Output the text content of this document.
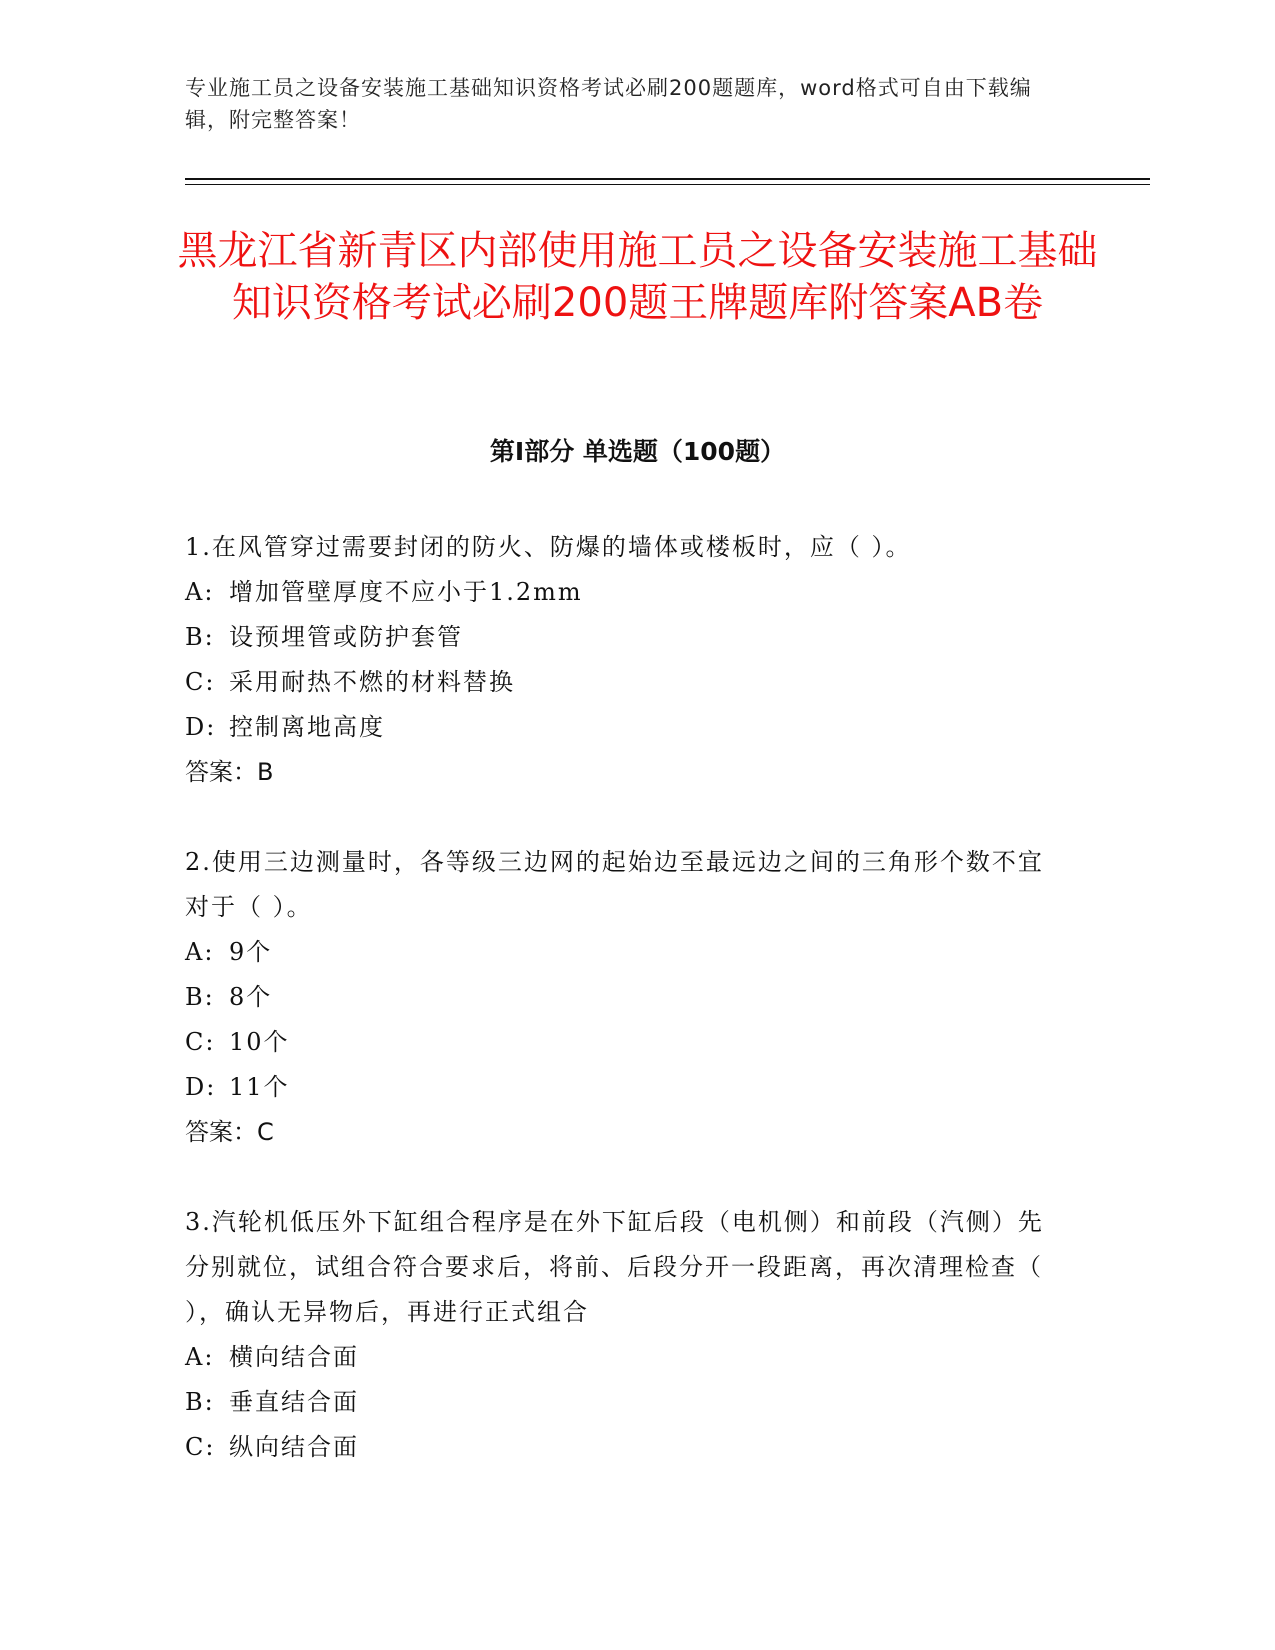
专业施工员之设备安装施工基础知识资格考试必刷200题题库，word格式可自由下载编辑，附完整答案！
黑龙江省新青区内部使用施工员之设备安装施工基础知识资格考试必刷200题王牌题库附答案AB卷
第Ⅰ部分 单选题（100题）

1.在风管穿过需要封闭的防火、防爆的墙体或楼板时，应（ ）。

A: 增加管壁厚度不应小于1.2mm

B: 设预埋管或防护套管

C: 采用耐热不燃的材料替换

D: 控制离地高度

答案：B

2.使用三边测量时，各等级三边网的起始边至最远边之间的三角形个数不宜对于（ ）。

A: 9个

B: 8个

C: 10个

D: 11个

答案：C

3.汽轮机低压外下缸组合程序是在外下缸后段（电机侧）和前段（汽侧）先分别就位，试组合符合要求后，将前、后段分开一段距离，再次清理检查（ ），确认无异物后，再进行正式组合

A: 横向结合面

B: 垂直结合面

C: 纵向结合面
